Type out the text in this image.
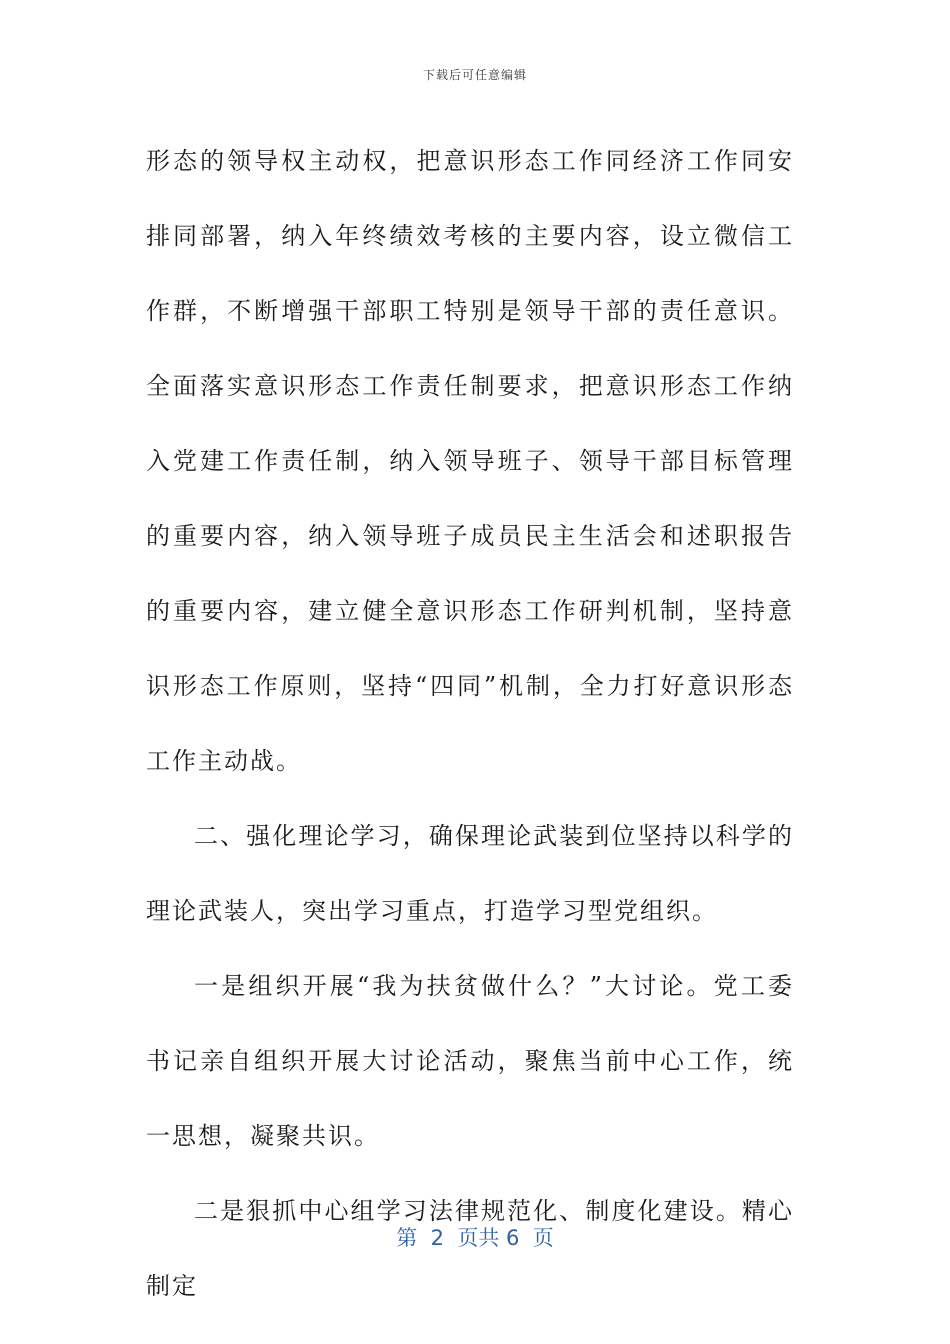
下载后可任意编辑

形态的领导权主动权，把意识形态工作同经济工作同安排同部署，纳入年终绩效考核的主要内容，设立微信工作群，不断增强干部职工特别是领导干部的责任意识。全面落实意识形态工作责任制要求，把意识形态工作纳入党建工作责任制，纳入领导班子、领导干部目标管理的重要内容，纳入领导班子成员民主生活会和述职报告的重要内容，建立健全意识形态工作研判机制，坚持意识形态工作原则，坚持“四同”机制，全力打好意识形态工作主动战。

二、强化理论学习，确保理论武装到位坚持以科学的理论武装人，突出学习重点，打造学习型党组织。

一是组织开展“我为扶贫做什么？”大讨论。党工委书记亲自组织开展大讨论活动，聚焦当前中心工作，统一思想，凝聚共识。

二是狠抓中心组学习法律规范化、制度化建设。精心制定

第  2  页共 6  页
